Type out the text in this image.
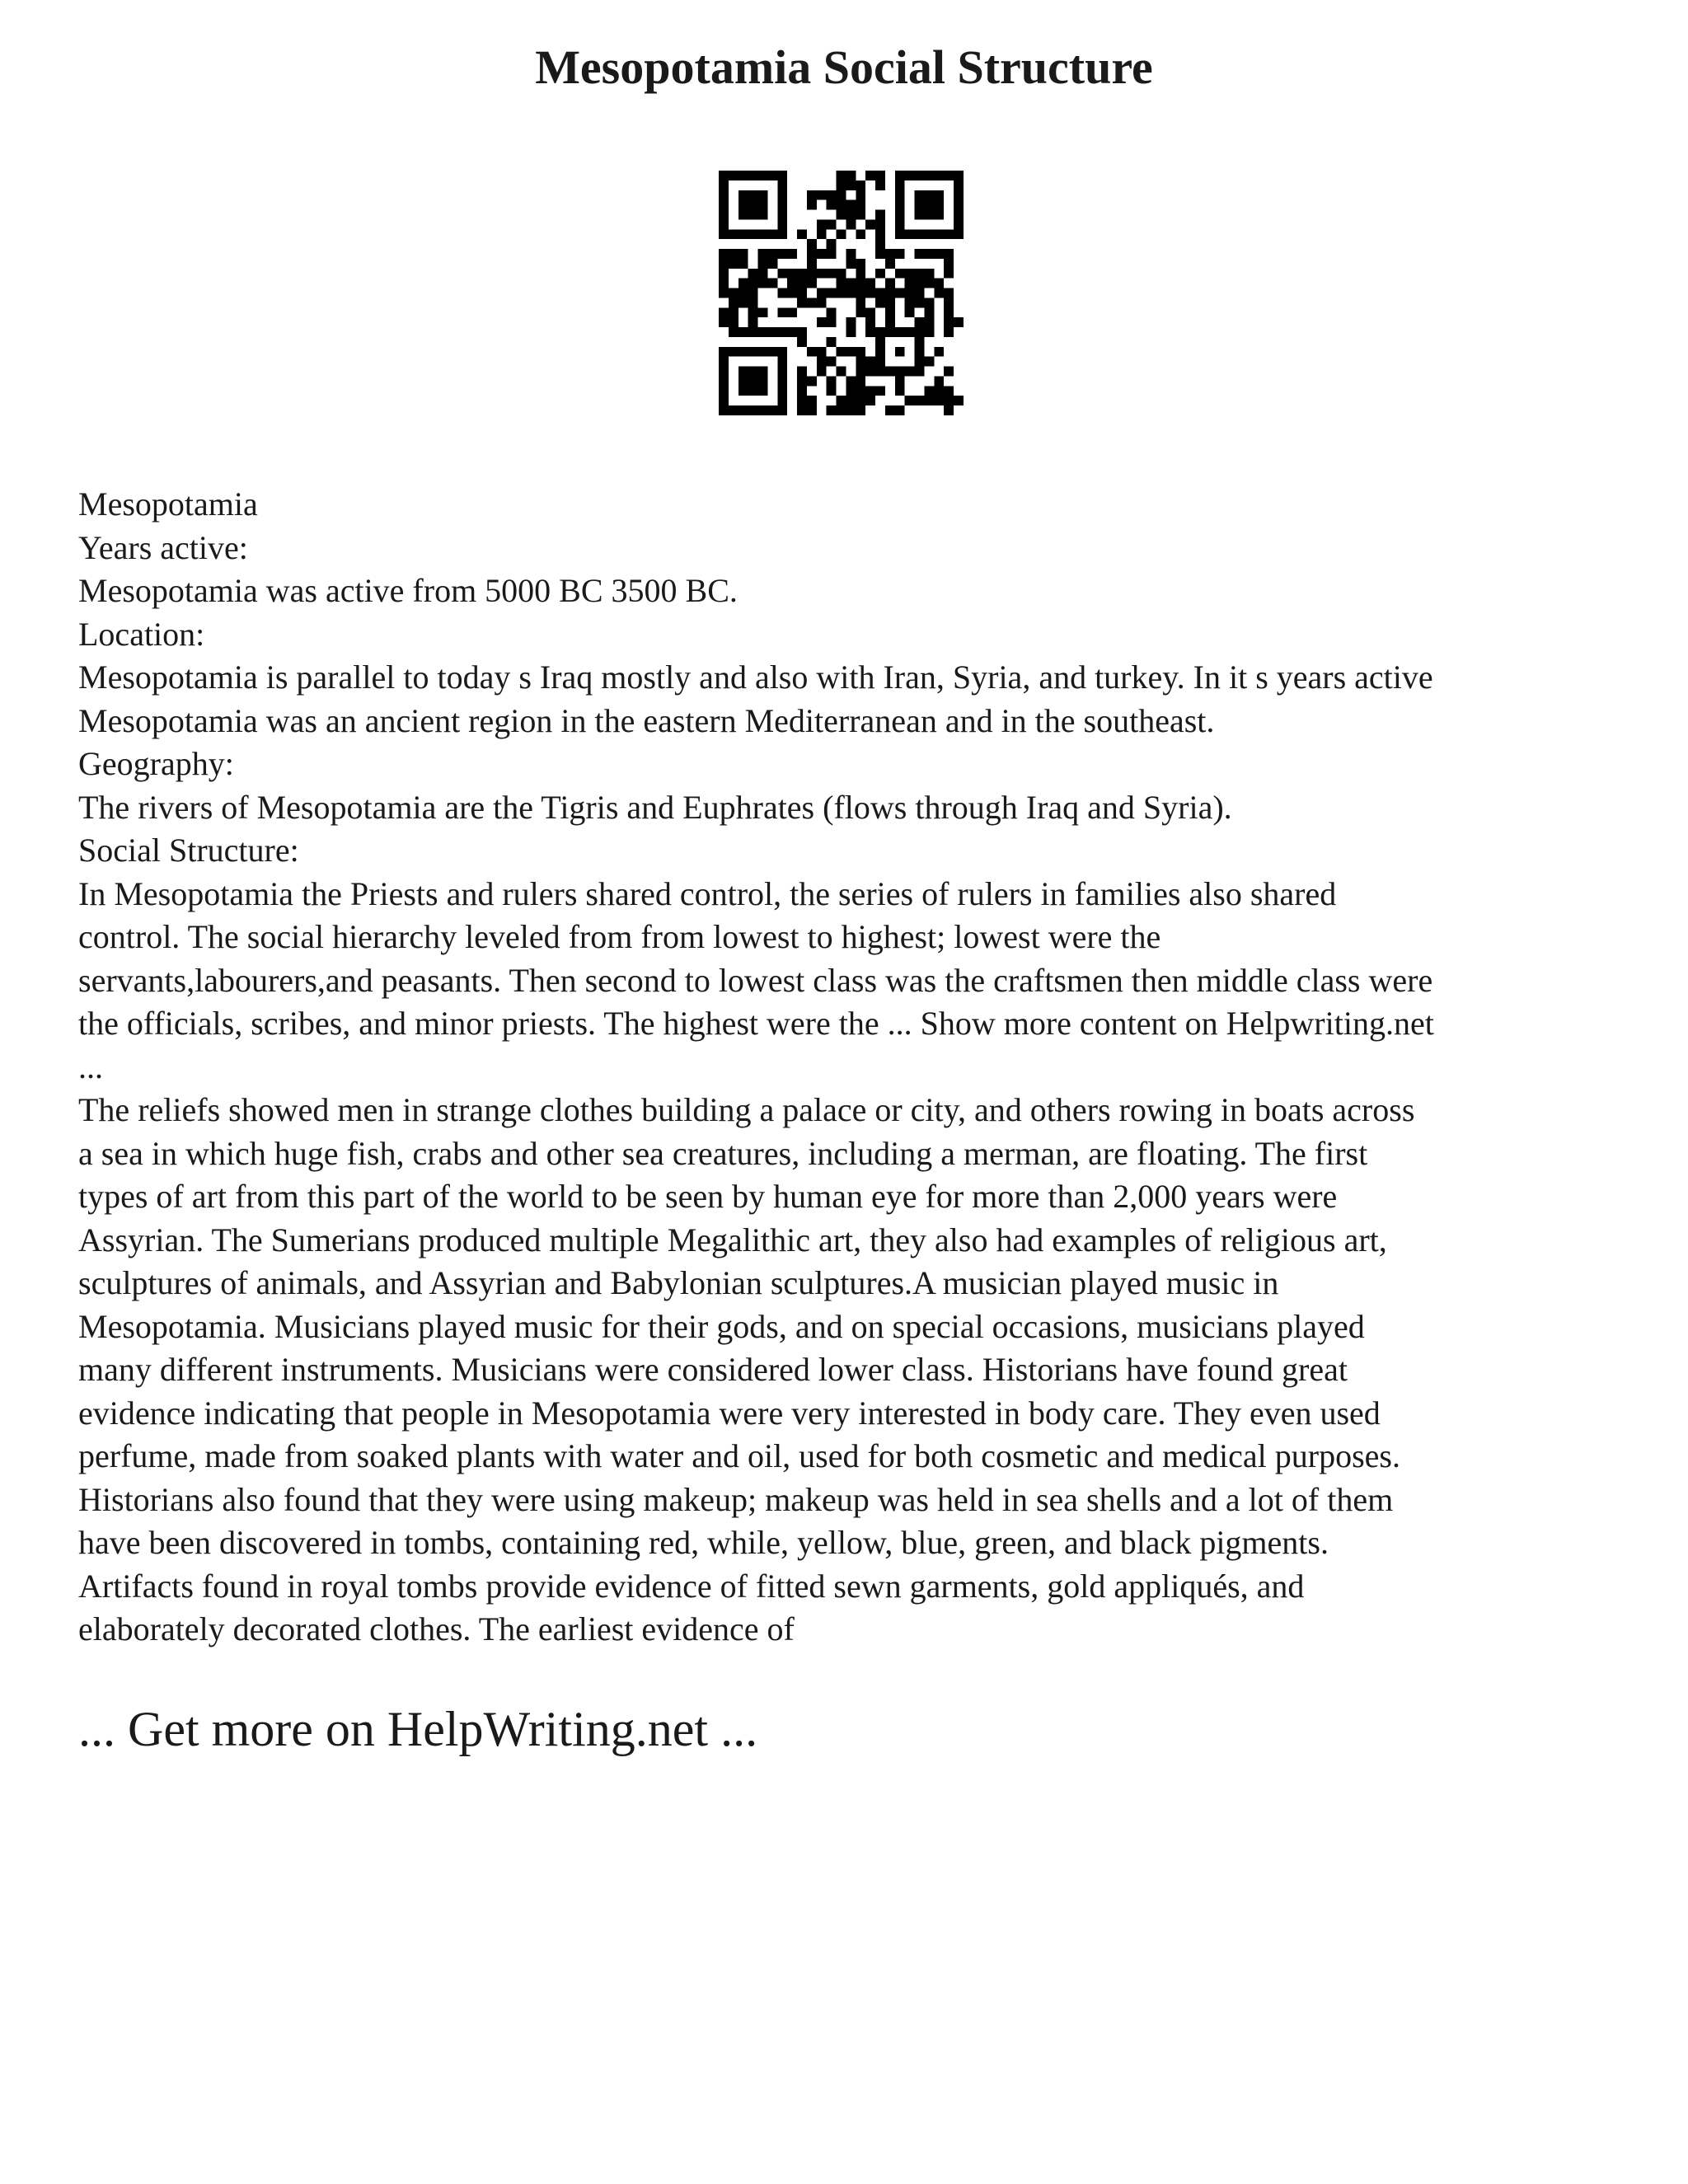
Mesopotamia Social Structure
Mesopotamia
Years active:
Mesopotamia was active from 5000 BC 3500 BC.
Location:
Mesopotamia is parallel to today s Iraq mostly and also with Iran, Syria, and turkey. In it s years active
Mesopotamia was an ancient region in the eastern Mediterranean and in the southeast.
Geography:
The rivers of Mesopotamia are the Tigris and Euphrates (flows through Iraq and Syria).
Social Structure:
In Mesopotamia the Priests and rulers shared control, the series of rulers in families also shared
control. The social hierarchy leveled from from lowest to highest; lowest were the
servants,labourers,and peasants. Then second to lowest class was the craftsmen then middle class were
the officials, scribes, and minor priests. The highest were the ... Show more content on Helpwriting.net
...
The reliefs showed men in strange clothes building a palace or city, and others rowing in boats across
a sea in which huge fish, crabs and other sea creatures, including a merman, are floating. The first
types of art from this part of the world to be seen by human eye for more than 2,000 years were
Assyrian. The Sumerians produced multiple Megalithic art, they also had examples of religious art,
sculptures of animals, and Assyrian and Babylonian sculptures.A musician played music in
Mesopotamia. Musicians played music for their gods, and on special occasions, musicians played
many different instruments. Musicians were considered lower class. Historians have found great
evidence indicating that people in Mesopotamia were very interested in body care. They even used
perfume, made from soaked plants with water and oil, used for both cosmetic and medical purposes.
Historians also found that they were using makeup; makeup was held in sea shells and a lot of them
have been discovered in tombs, containing red, while, yellow, blue, green, and black pigments.
Artifacts found in royal tombs provide evidence of fitted sewn garments, gold appliqués, and
elaborately decorated clothes. The earliest evidence of
... Get more on HelpWriting.net ...
